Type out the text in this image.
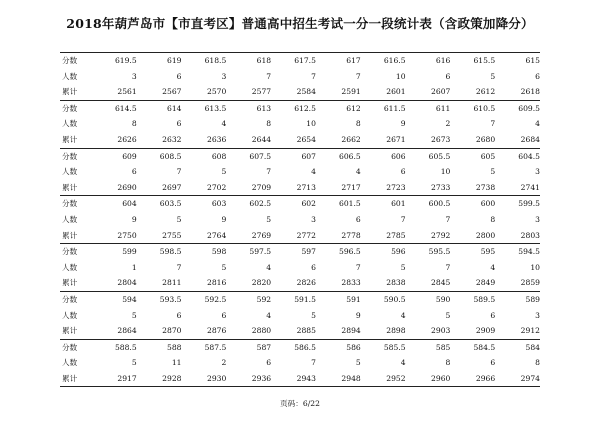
2018年葫芦岛市【市直考区】普通高中招生考试一分一段统计表（含政策加降分）
分数	619.5	619	618.5	618	617.5	617	616.5	616	615.5	615
人数	3	6	3	7	7	7	10	6	5	6
累计	2561	2567	2570	2577	2584	2591	2601	2607	2612	2618
分数	614.5	614	613.5	613	612.5	612	611.5	611	610.5	609.5
人数	8	6	4	8	10	8	9	2	7	4
累计	2626	2632	2636	2644	2654	2662	2671	2673	2680	2684
分数	609	608.5	608	607.5	607	606.5	606	605.5	605	604.5
人数	6	7	5	7	4	4	6	10	5	3
累计	2690	2697	2702	2709	2713	2717	2723	2733	2738	2741
分数	604	603.5	603	602.5	602	601.5	601	600.5	600	599.5
人数	9	5	9	5	3	6	7	7	8	3
累计	2750	2755	2764	2769	2772	2778	2785	2792	2800	2803
分数	599	598.5	598	597.5	597	596.5	596	595.5	595	594.5
人数	1	7	5	4	6	7	5	7	4	10
累计	2804	2811	2816	2820	2826	2833	2838	2845	2849	2859
分数	594	593.5	592.5	592	591.5	591	590.5	590	589.5	589
人数	5	6	6	4	5	9	4	5	6	3
累计	2864	2870	2876	2880	2885	2894	2898	2903	2909	2912
分数	588.5	588	587.5	587	586.5	586	585.5	585	584.5	584
人数	5	11	2	6	7	5	4	8	6	8
累计	2917	2928	2930	2936	2943	2948	2952	2960	2966	2974
页码：6/22
